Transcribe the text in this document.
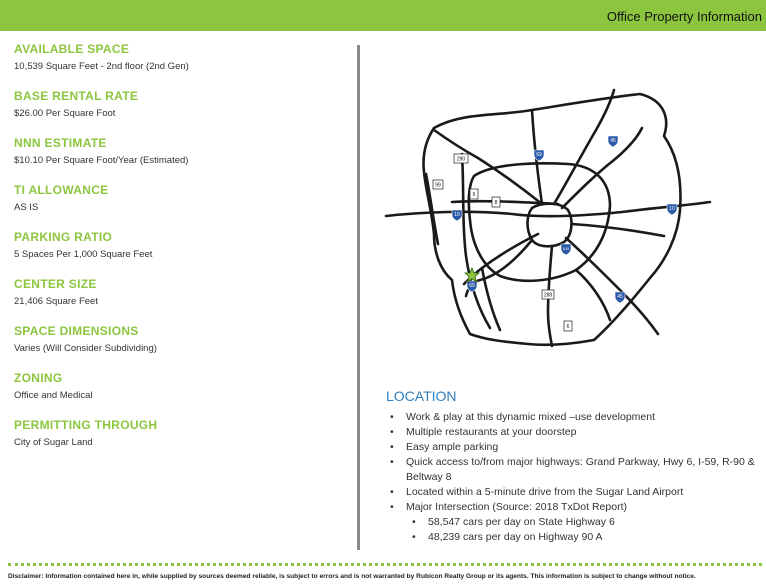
Office Property Information
AVAILABLE SPACE
10,539 Square Feet - 2nd floor (2nd Gen)
BASE RENTAL RATE
$26.00 Per Square Foot
NNN ESTIMATE
$10.10 Per Square Foot/Year (Estimated)
TI ALLOWANCE
AS IS
PARKING RATIO
5 Spaces Per 1,000 Square Feet
CENTER SIZE
21,406 Square Feet
SPACE DIMENSIONS
Varies (Will Consider Subdividing)
ZONING
Office and Medical
PERMITTING THROUGH
City of Sugar Land
45
69
290
99
6
8
10
10
610
69
288	45
6
LOCATION
• Work & play at this dynamic mixed –use development
• Multiple restaurants at your doorstep
• Easy ample parking
• Quick access to/from major highways: Grand Parkway, Hwy 6, I-59, R-90 & Beltway 8
• Located within a 5-minute drive from the Sugar Land Airport
• Major Intersection (Source: 2018 TxDot Report)
• 58,547 cars per day on State Highway 6
• 48,239 cars per day on Highway 90 A
Disclaimer: Information contained here in, while supplied by sources deemed reliable, is subject to errors and is not warranted by Rubicon Realty Group or its agents. This information is subject to change without notice.
